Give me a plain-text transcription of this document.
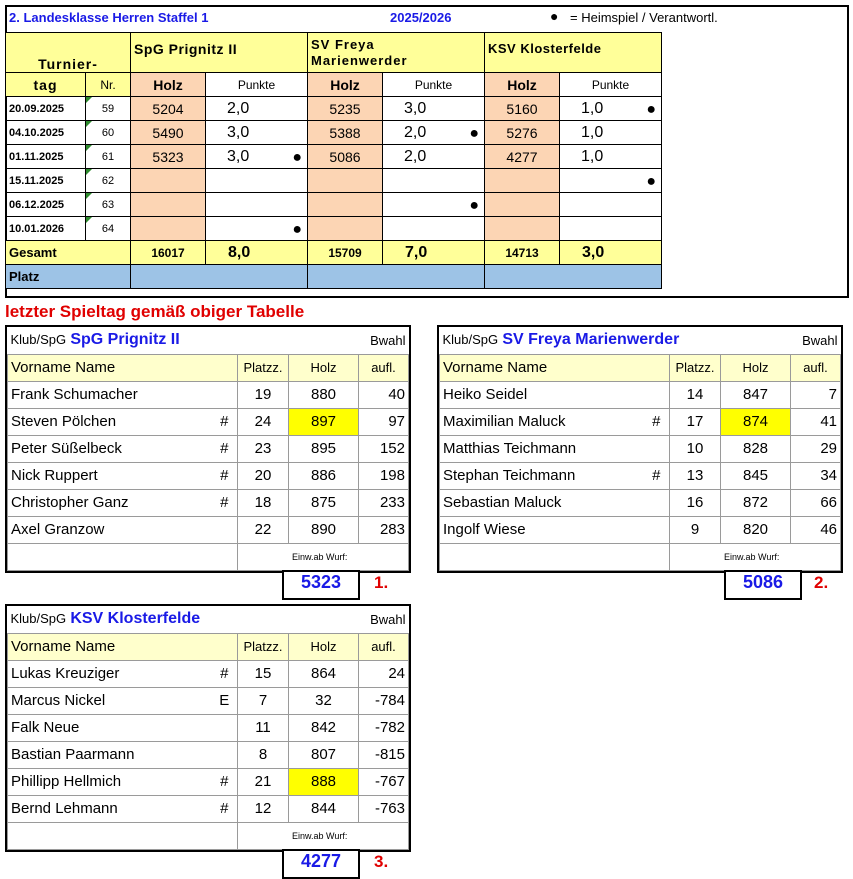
2. Landesklasse Herren Staffel 1	2025/2026	● = Heimspiel / Verantwortl.
Turnier-		SpG Prignitz II		SV Freya
Marienwerder		KSV Klosterfelde	
tag	Nr.	Holz	Punkte	Holz	Punkte	Holz	Punkte
20.09.2025	59	5204	2,0	5235	3,0	5160	1,0 ●

04.10.2025	60	5490	3,0	5388	2,0 ●	5276	1,0

01.11.2025	61	5323	3,0 ●	5086	2,0	4277	1,0

15.11.2025	62						●

06.12.2025	63				●		

10.01.2026	64		●				

Gesamt		16017	8,0	15709	7,0	14713	3,0
Platz							
letzter Spieltag gemäß obiger Tabelle
Klub/SpG SpG Prignitz II				Bwahl
Vorname Name		Platzz.	Holz	aufl.
Frank Schumacher		19	880	40
Steven Pölchen	#	24	897	97
Peter Süßelbeck	#	23	895	152
Nick Ruppert	#	20	886	198
Christopher Ganz	#	18	875	233
Axel Granzow		22	890	283
		Einw.ab Wurf:		
5323	1.
Klub/SpG SV Freya Marienwerder				Bwahl
Vorname Name		Platzz.	Holz	aufl.
Heiko Seidel		14	847	7
Maximilian Maluck	#	17	874	41
Matthias Teichmann		10	828	29
Stephan Teichmann	#	13	845	34
Sebastian Maluck		16	872	66
Ingolf Wiese		9	820	46
		Einw.ab Wurf:		
5086	2.
Klub/SpG KSV Klosterfelde				Bwahl
Vorname Name		Platzz.	Holz	aufl.
Lukas Kreuziger	#	15	864	24
Marcus Nickel	E	7	32	-784
Falk Neue		11	842	-782
Bastian Paarmann		8	807	-815
Phillipp Hellmich	#	21	888	-767
Bernd Lehmann	#	12	844	-763
		Einw.ab Wurf:		
4277	3.
